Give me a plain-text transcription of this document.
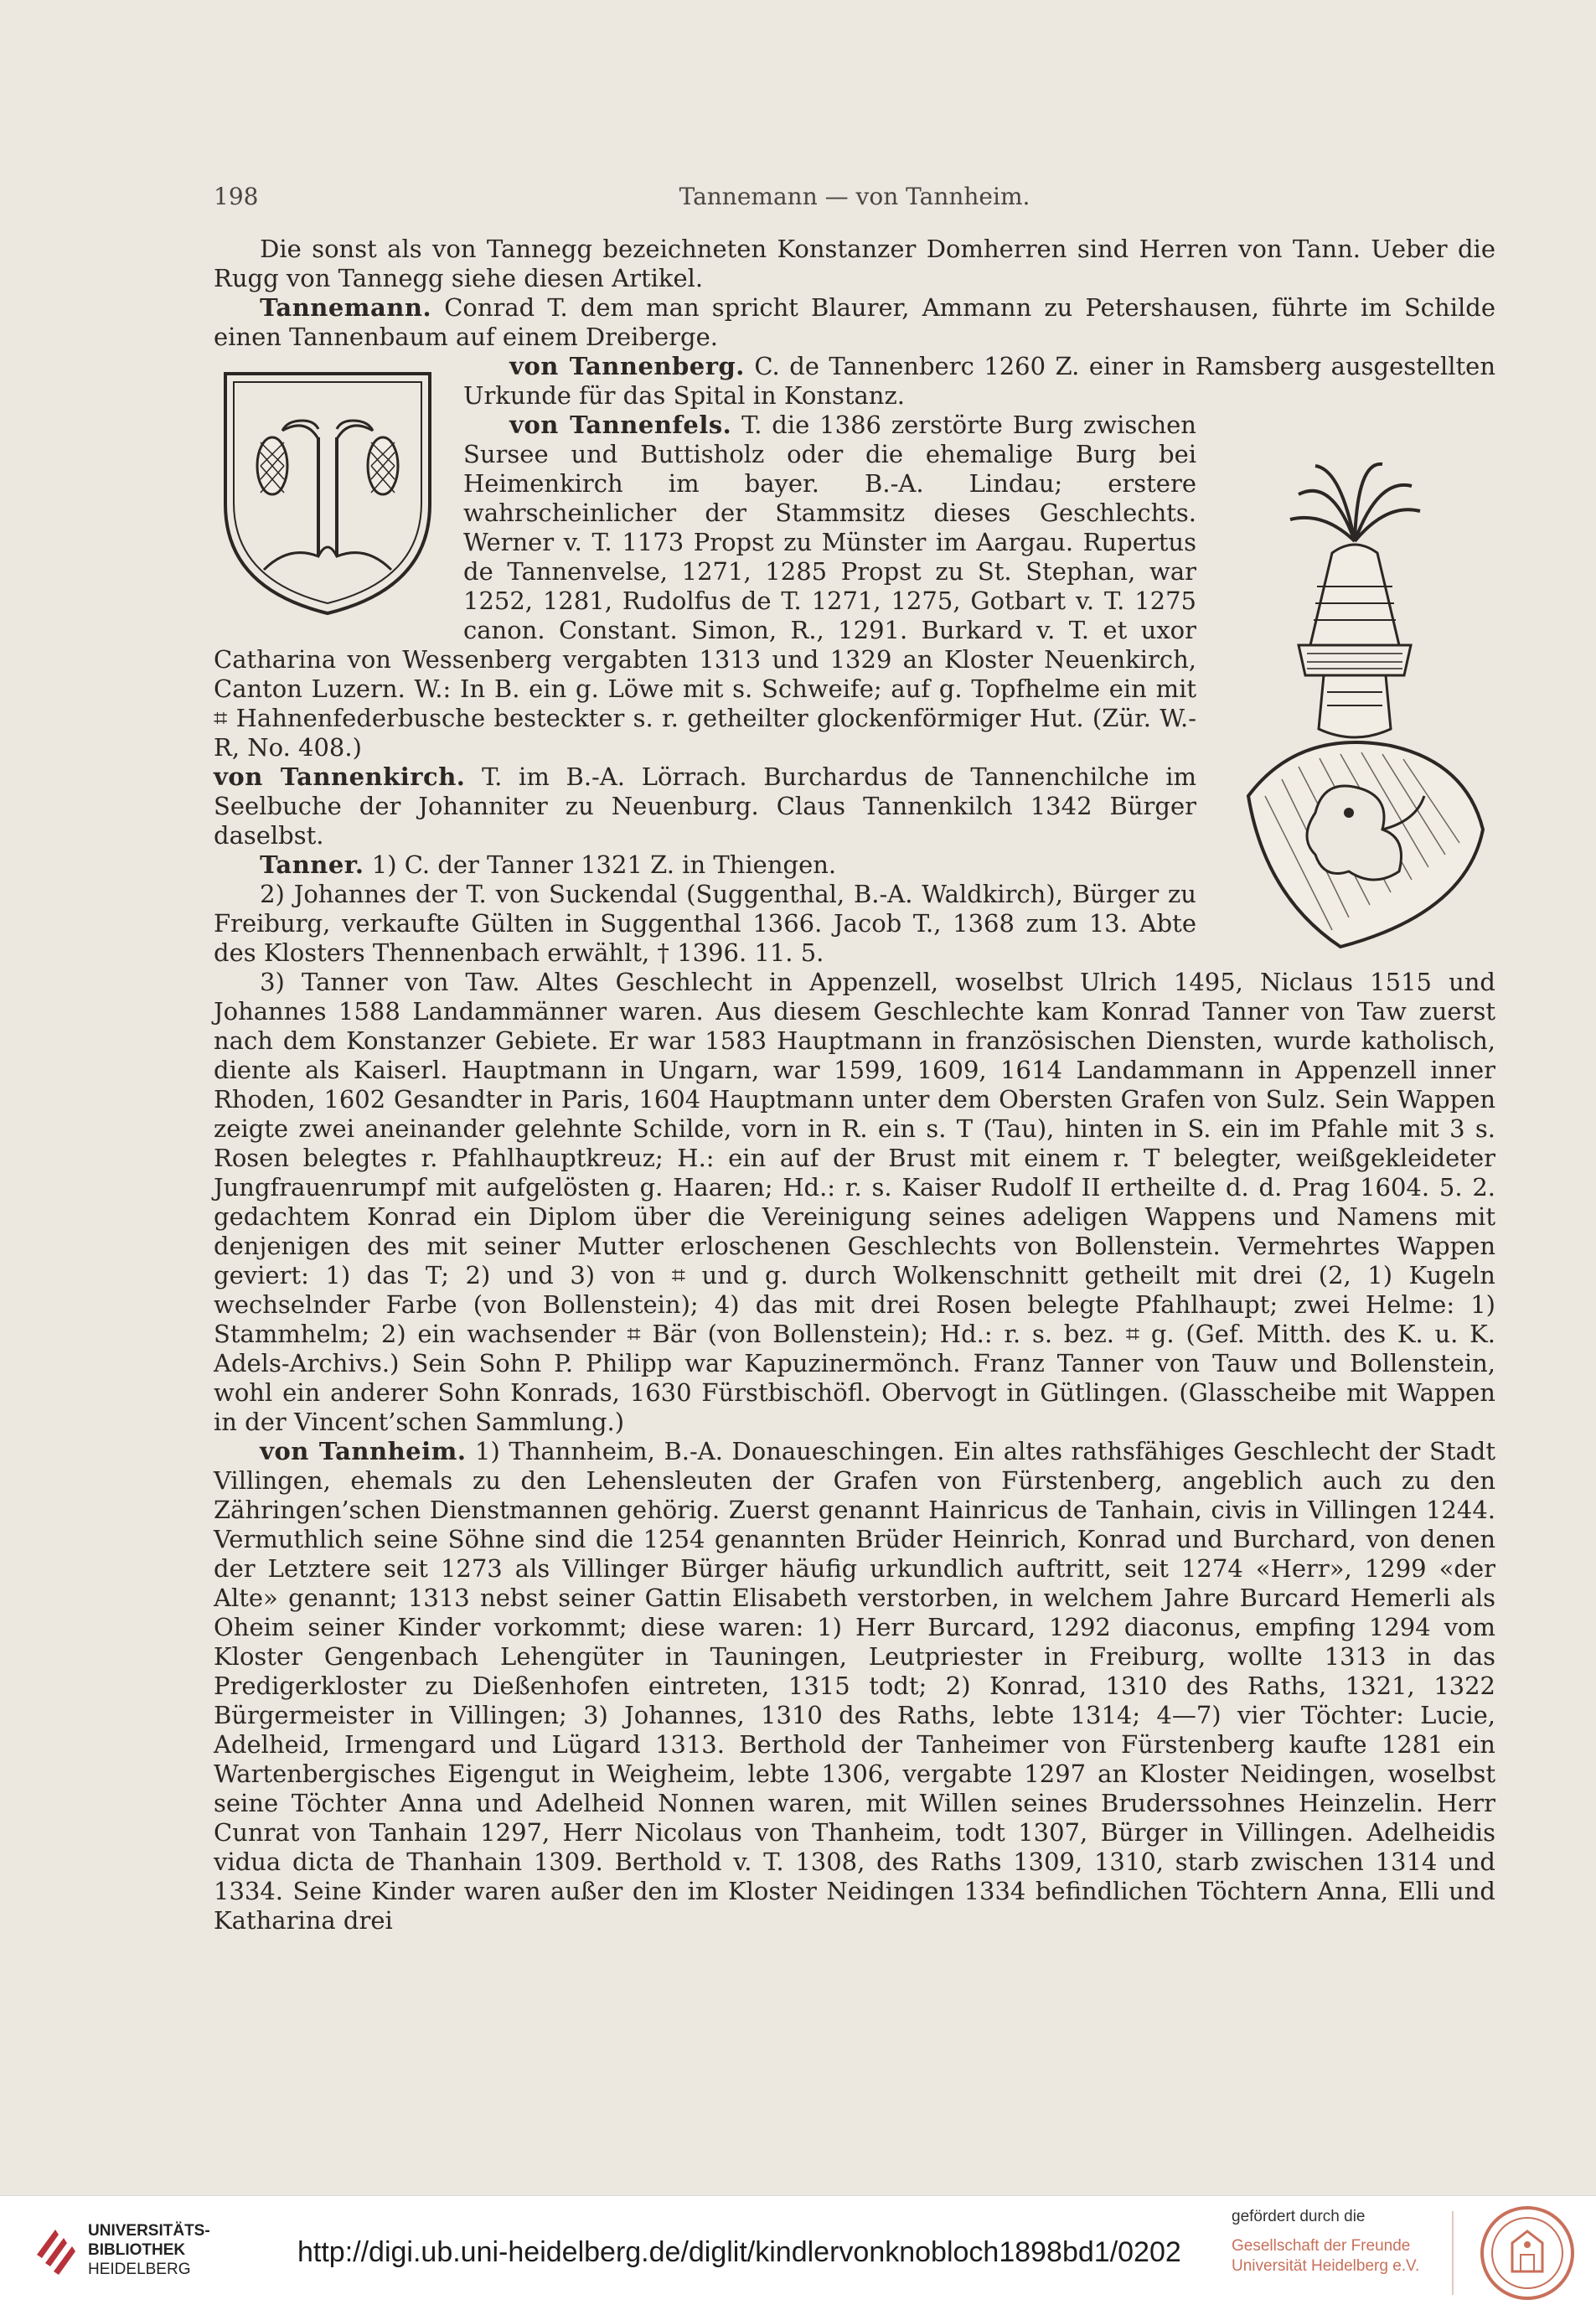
198	Tannemann — von Tannheim.

Die sonst als von Tannegg bezeichneten Konstanzer Domherren sind Herren von Tann. Ueber die Rugg von Tannegg siehe diesen Artikel.

Tannemann. Conrad T. dem man spricht Blaurer, Ammann zu Petershausen, führte im Schilde einen Tannenbaum auf einem Dreiberge.

von Tannenberg. C. de Tannenberc 1260 Z. einer in Ramsberg ausgestellten Urkunde für das Spital in Konstanz.

von Tannenfels. T. die 1386 zerstörte Burg zwischen Sursee und Buttisholz oder die ehemalige Burg bei Heimenkirch im bayer. B.-A. Lindau; erstere wahrscheinlicher der Stammsitz dieses Geschlechts. Werner v. T. 1173 Propst zu Münster im Aargau. Rupertus de Tannenvelse, 1271, 1285 Propst zu St. Stephan, war 1252, 1281, Rudolfus de T. 1271, 1275, Gotbart v. T. 1275 canon. Constant. Simon, R., 1291. Burkard v. T. et uxor Catharina von Wessenberg vergabten 1313 und 1329 an Kloster Neuenkirch, Canton Luzern. W.: In B. ein g. Löwe mit s. Schweife; auf g. Topfhelme ein mit ⌗ Hahnenfederbusche besteckter s. r. getheilter glockenförmiger Hut. (Zür. W.-R, No. 408.)

von Tannenkirch. T. im B.-A. Lörrach. Burchardus de Tannenchilche im Seelbuche der Johanniter zu Neuenburg. Claus Tannenkilch 1342 Bürger daselbst.

Tanner. 1) C. der Tanner 1321 Z. in Thiengen.

2) Johannes der T. von Suckendal (Suggenthal, B.-A. Waldkirch), Bürger zu Freiburg, verkaufte Gülten in Suggenthal 1366. Jacob T., 1368 zum 13. Abte des Klosters Thennenbach erwählt, † 1396. 11. 5.

3) Tanner von Taw. Altes Geschlecht in Appenzell, woselbst Ulrich 1495, Niclaus 1515 und Johannes 1588 Landammänner waren. Aus diesem Geschlechte kam Konrad Tanner von Taw zuerst nach dem Konstanzer Gebiete. Er war 1583 Hauptmann in französischen Diensten, wurde katholisch, diente als Kaiserl. Hauptmann in Ungarn, war 1599, 1609, 1614 Landammann in Appenzell inner Rhoden, 1602 Gesandter in Paris, 1604 Hauptmann unter dem Obersten Grafen von Sulz. Sein Wappen zeigte zwei aneinander gelehnte Schilde, vorn in R. ein s. T (Tau), hinten in S. ein im Pfahle mit 3 s. Rosen belegtes r. Pfahlhauptkreuz; H.: ein auf der Brust mit einem r. T belegter, weißgekleideter Jungfrauenrumpf mit aufgelösten g. Haaren; Hd.: r. s. Kaiser Rudolf II ertheilte d. d. Prag 1604. 5. 2. gedachtem Konrad ein Diplom über die Vereinigung seines adeligen Wappens und Namens mit denjenigen des mit seiner Mutter erloschenen Geschlechts von Bollenstein. Vermehrtes Wappen geviert: 1) das T; 2) und 3) von ⌗ und g. durch Wolkenschnitt getheilt mit drei (2, 1) Kugeln wechselnder Farbe (von Bollenstein); 4) das mit drei Rosen belegte Pfahlhaupt; zwei Helme: 1) Stammhelm; 2) ein wachsender ⌗ Bär (von Bollenstein); Hd.: r. s. bez. ⌗ g. (Gef. Mitth. des K. u. K. Adels-Archivs.) Sein Sohn P. Philipp war Kapuzinermönch. Franz Tanner von Tauw und Bollenstein, wohl ein anderer Sohn Konrads, 1630 Fürstbischöfl. Obervogt in Gütlingen. (Glasscheibe mit Wappen in der Vincent’schen Sammlung.)

von Tannheim. 1) Thannheim, B.-A. Donaueschingen. Ein altes rathsfähiges Geschlecht der Stadt Villingen, ehemals zu den Lehensleuten der Grafen von Fürstenberg, angeblich auch zu den Zähringen’schen Dienstmannen gehörig. Zuerst genannt Hainricus de Tanhain, civis in Villingen 1244. Vermuthlich seine Söhne sind die 1254 genannten Brüder Heinrich, Konrad und Burchard, von denen der Letztere seit 1273 als Villinger Bürger häufig urkundlich auftritt, seit 1274 «Herr», 1299 «der Alte» genannt; 1313 nebst seiner Gattin Elisabeth verstorben, in welchem Jahre Burcard Hemerli als Oheim seiner Kinder vorkommt; diese waren: 1) Herr Burcard, 1292 diaconus, empfing 1294 vom Kloster Gengenbach Lehengüter in Tauningen, Leutpriester in Freiburg, wollte 1313 in das Predigerkloster zu Dießenhofen eintreten, 1315 todt; 2) Konrad, 1310 des Raths, 1321, 1322 Bürgermeister in Villingen; 3) Johannes, 1310 des Raths, lebte 1314; 4—7) vier Töchter: Lucie, Adelheid, Irmengard und Lügard 1313. Berthold der Tanheimer von Fürstenberg kaufte 1281 ein Wartenbergisches Eigengut in Weigheim, lebte 1306, vergabte 1297 an Kloster Neidingen, woselbst seine Töchter Anna und Adelheid Nonnen waren, mit Willen seines Bruderssohnes Heinzelin. Herr Cunrat von Tanhain 1297, Herr Nicolaus von Thanheim, todt 1307, Bürger in Villingen. Adelheidis vidua dicta de Thanhain 1309. Berthold v. T. 1308, des Raths 1309, 1310, starb zwischen 1314 und 1334. Seine Kinder waren außer den im Kloster Neidingen 1334 befindlichen Töchtern Anna, Elli und Katharina drei

UNIVERSITÄTS-
BIBLIOTHEK
HEIDELBERG
http://digi.ub.uni-heidelberg.de/diglit/kindlervonknobloch1898bd1/0202
gefördert durch die
Gesellschaft der Freunde
Universität Heidelberg e.V.
